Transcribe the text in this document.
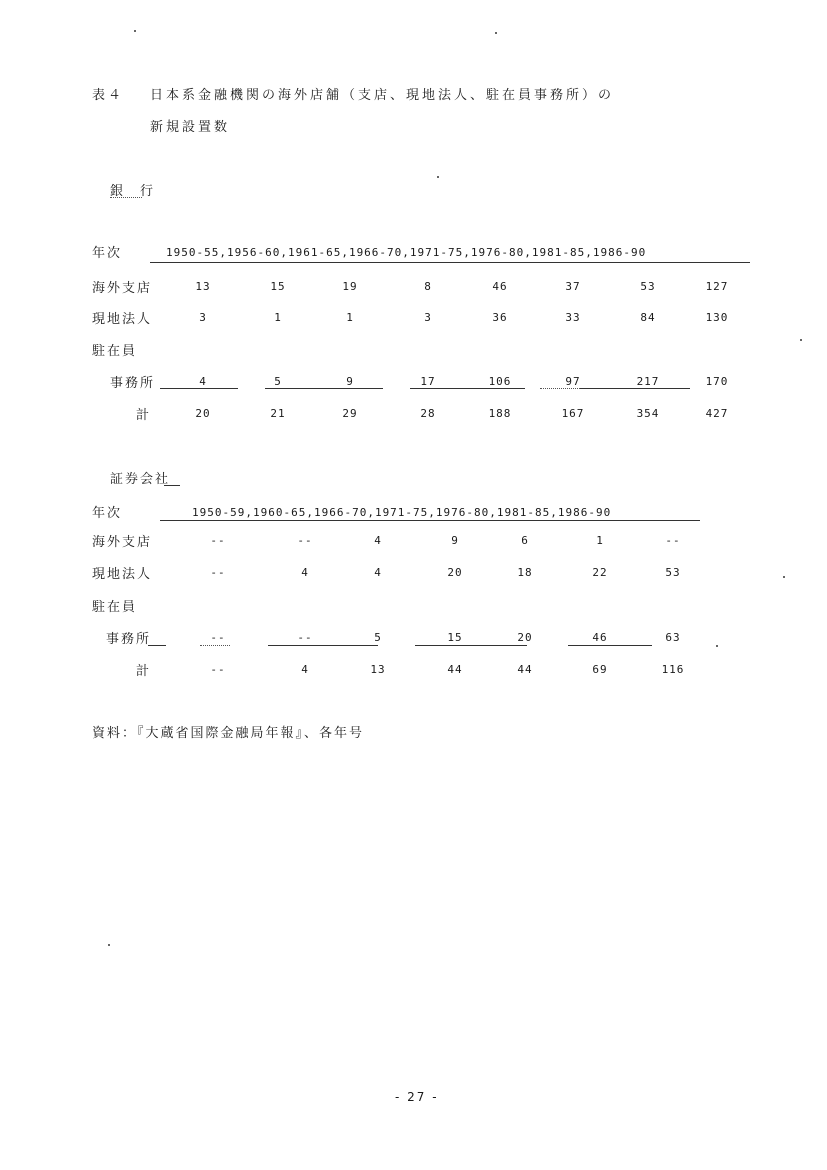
表４ 日本系金融機関の海外店舗（支店、現地法人、駐在員事務所）の
新規設置数
銀　行
年次	1950-55,1956-60,1961-65,1966-70,1971-75,1976-80,1981-85,1986-90
海外支店	13	15	19	8	46	37	53	127
現地法人	3	1	1	3	36	33	84	130
駐在員
事務所	4	5	9	17	106	97	217	170
計	20	21	29	28	188	167	354	427
証券会社
年次	1950-59,1960-65,1966-70,1971-75,1976-80,1981-85,1986-90
海外支店	--	--	4	9	6	1	--
現地法人	--	4	4	20	18	22	53
駐在員
事務所	--	--	5	15	20	46	63
計	--	4	13	44	44	69	116
資料：『大蔵省国際金融局年報』、各年号
- 27 -
